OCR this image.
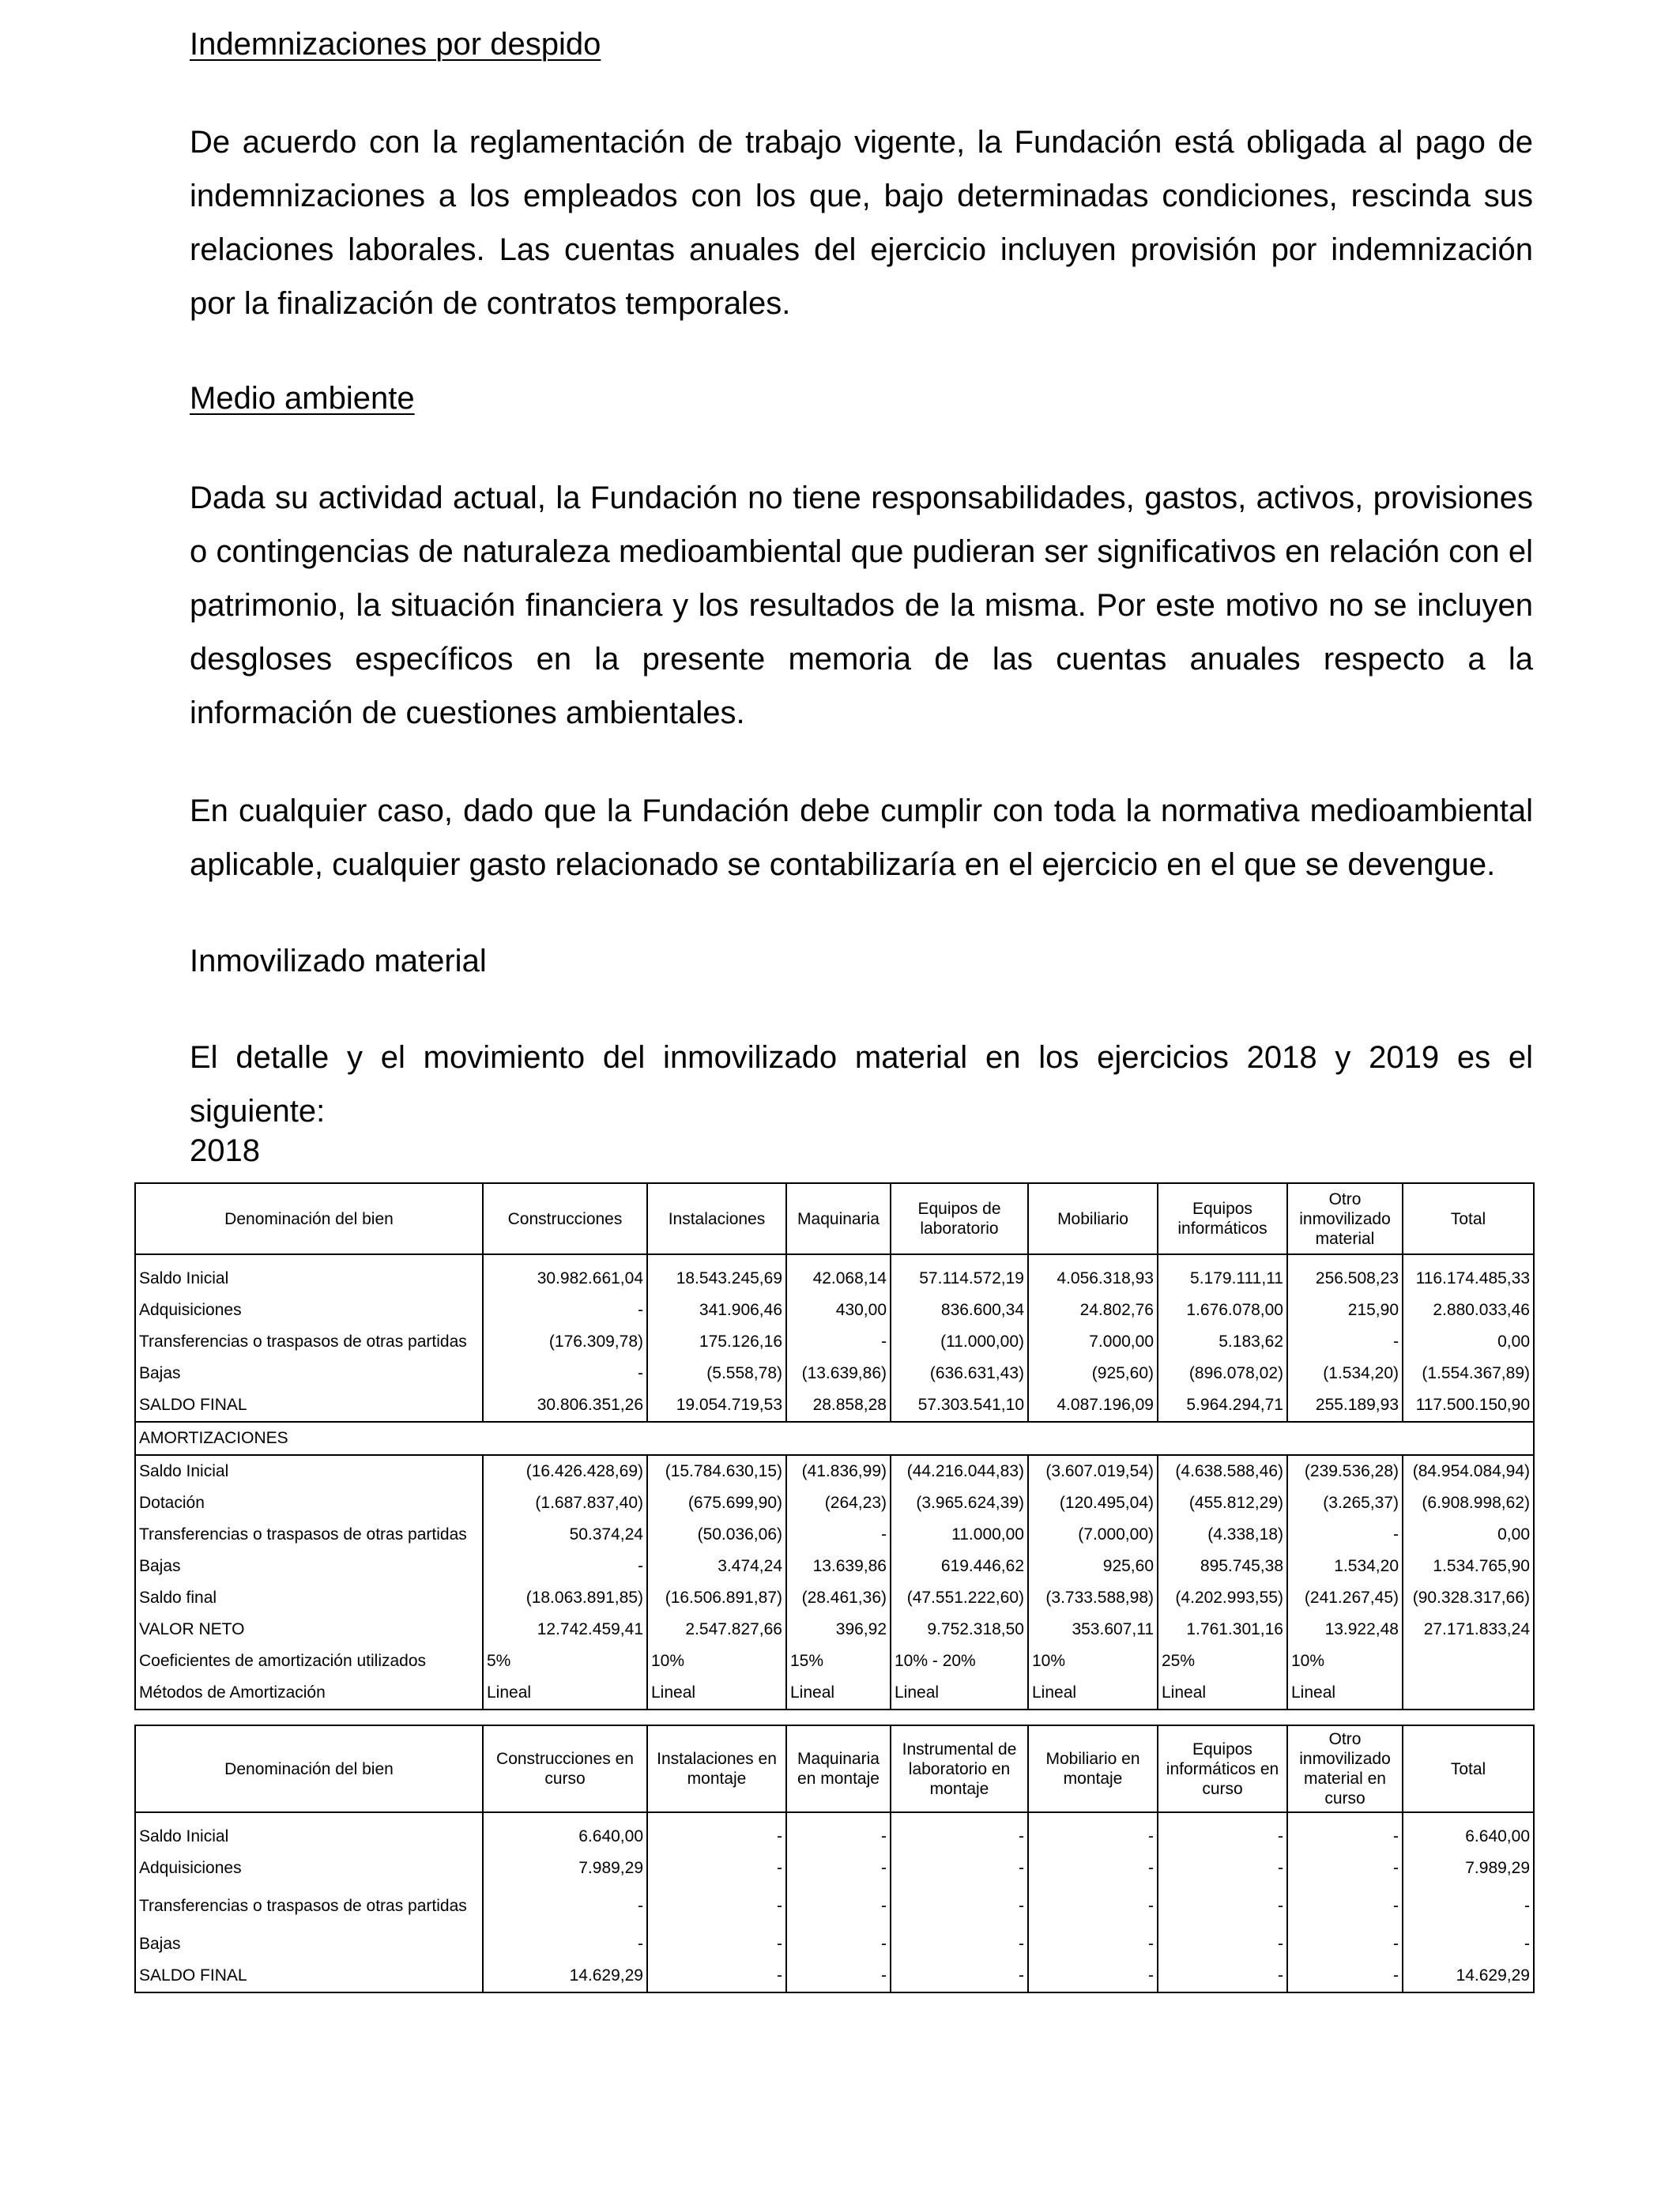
Indemnizaciones por despido

De acuerdo con la reglamentación de trabajo vigente, la Fundación está obligada al pago de indemnizaciones a los empleados con los que, bajo determinadas condiciones, rescinda sus relaciones laborales. Las cuentas anuales del ejercicio incluyen provisión por indemnización por la finalización de contratos temporales.

Medio ambiente

Dada su actividad actual, la Fundación no tiene responsabilidades, gastos, activos, provisiones o contingencias de naturaleza medioambiental que pudieran ser significativos en relación con el patrimonio, la situación financiera y los resultados de la misma. Por este motivo no se incluyen desgloses específicos en la presente memoria de las cuentas anuales respecto a la información de cuestiones ambientales.

En cualquier caso, dado que la Fundación debe cumplir con toda la normativa medioambiental aplicable, cualquier gasto relacionado se contabilizaría en el ejercicio en el que se devengue.

Inmovilizado material

El detalle y el movimiento del inmovilizado material en los ejercicios 2018 y 2019 es el siguiente:

2018
Denominación del bien	Construcciones	Instalaciones	Maquinaria	Equipos de laboratorio	Mobiliario	Equipos informáticos	Otro inmovilizado material	Total
Saldo Inicial	30.982.661,04	18.543.245,69	42.068,14	57.114.572,19	4.056.318,93	5.179.111,11	256.508,23	116.174.485,33
Adquisiciones	-	341.906,46	430,00	836.600,34	24.802,76	1.676.078,00	215,90	2.880.033,46
Transferencias o traspasos de otras partidas	(176.309,78)	175.126,16	-	(11.000,00)	7.000,00	5.183,62	-	0,00
Bajas	-	(5.558,78)	(13.639,86)	(636.631,43)	(925,60)	(896.078,02)	(1.534,20)	(1.554.367,89)
SALDO FINAL	30.806.351,26	19.054.719,53	28.858,28	57.303.541,10	4.087.196,09	5.964.294,71	255.189,93	117.500.150,90
AMORTIZACIONES								
Saldo Inicial	(16.426.428,69)	(15.784.630,15)	(41.836,99)	(44.216.044,83)	(3.607.019,54)	(4.638.588,46)	(239.536,28)	(84.954.084,94)
Dotación	(1.687.837,40)	(675.699,90)	(264,23)	(3.965.624,39)	(120.495,04)	(455.812,29)	(3.265,37)	(6.908.998,62)
Transferencias o traspasos de otras partidas	50.374,24	(50.036,06)	-	11.000,00	(7.000,00)	(4.338,18)	-	0,00
Bajas	-	3.474,24	13.639,86	619.446,62	925,60	895.745,38	1.534,20	1.534.765,90
Saldo final	(18.063.891,85)	(16.506.891,87)	(28.461,36)	(47.551.222,60)	(3.733.588,98)	(4.202.993,55)	(241.267,45)	(90.328.317,66)
VALOR NETO	12.742.459,41	2.547.827,66	396,92	9.752.318,50	353.607,11	1.761.301,16	13.922,48	27.171.833,24
Coeficientes de amortización utilizados	5%	10%	15%	10% - 20%	10%	25%	10%	
Métodos de Amortización	Lineal	Lineal	Lineal	Lineal	Lineal	Lineal	Lineal	
Denominación del bien	Construcciones en curso	Instalaciones en montaje	Maquinaria en montaje	Instrumental de laboratorio en montaje	Mobiliario en montaje	Equipos informáticos en curso	Otro inmovilizado material en curso	Total
Saldo Inicial	6.640,00	-	-	-	-	-	-	6.640,00
Adquisiciones	7.989,29	-	-	-	-	-	-	7.989,29
Transferencias o traspasos de otras partidas	-	-	-	-	-	-	-	-
Bajas	-	-	-	-	-	-	-	-
SALDO FINAL	14.629,29	-	-	-	-	-	-	14.629,29
